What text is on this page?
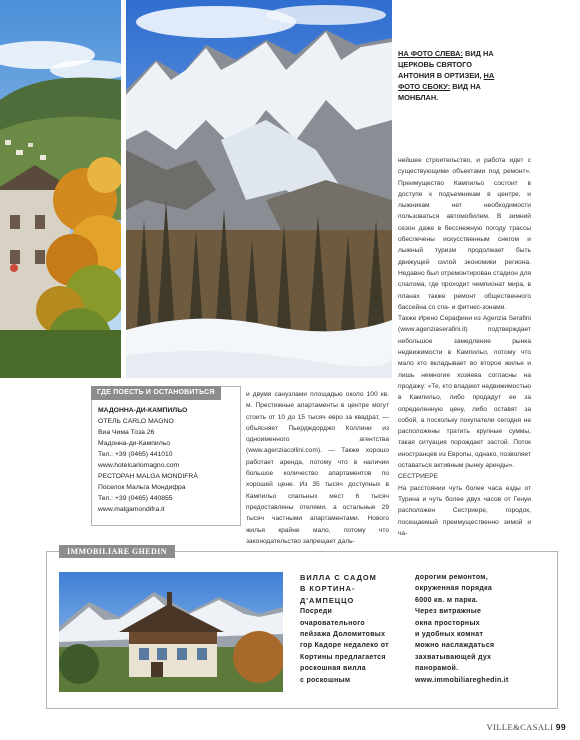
НА ФОТО СЛЕВА: ВИД НА ЦЕРКОВЬ СВЯТОГО АНТОНИЯ В ОРТИЗЕИ, НА ФОТО СБОКУ: ВИД НА МОНБЛАН.
ГДЕ ПОЕСТЬ И ОСТАНОВИТЬСЯ
МАДОННА-ДИ-КАМПИЛЬО
ОТЕЛЬ CARLO MAGNO
Виа Чима Тоза 26
Мадонна-ди-Кампильо
Тел.: +39 (0465) 441010
www.hotelcarlomagno.com
РЕСТОРАН MALGA MONDIFRÀ
Поселок Мальга Мондифра
Тел.: +39 (0465) 440855
www.malgamondifra.it

и двумя санузлами площадью около 100 кв. м. Престижные апартаменты в центре могут стоить от 10 до 15 тысяч евро за квадрат, — объясняет Пьердждорджо Коллини из одноименного агентства (www.agenziacollini.com). — Также хорошо работает аренда, потому что в наличии большое количество апартаментов по хорошей цене. Из 35 тысяч доступных в Кампильо спальных мест 6 тысяч предоставлены отелями, а остальные 29 тысяч частными апартаментами. Нового жилья крайне мало, потому что законодательство запрещает даль-

нейшее строительство, и работа идет с существующими объектами под ремонт». Преимущество Кампильо состоит в доступе к подъемникам в центре, и лыжникам нет необходимости пользоваться автомобилем. В зимний сезон даже в бесснежную погоду трассы обеспечены искусственным снегом и лыжный туризм продолжает быть движущей силой экономики региона. Недавно был отремонтирован стадион для слалома, где проходит чемпионат мира, в планах также ремонт общественного бассейна со спа- и фитнес-зонами.

Также Ирено Серафини из Agenzia Serafini (www.agenziaserafini.it) подтверждает небольшое замедление рынка недвижимости в Кампильо, потому что мало кто вкладывает во второе жилье и лишь немногие хозяева согласны на продажу: «Те, кто владеют недвижимостью в Кампильо, либо продадут ее за определенную цену, либо оставят за собой, а поскольку покупатели сегодня не расположены тратить крупные суммы, такая ситуация порождает застой. Поток иностранцев из Европы, однако, позволяет оставаться активным рынку аренды».

СЕСТРИЕРЕ

На расстоянии чуть более часа езды от Турина и чуть более двух часов от Генуи расположен Сестриере, городок, посещаемый преимущественно зимой и ча-

IMMOBILIARE GHEDIN
ВИЛЛА С САДОМ
В КОРТИНА-
Д'АМПЕЦЦО
Посреди
очаровательного
пейзажа Доломитовых
гор Кадоре недалеко от
Кортины предлагается
роскошная вилла
с роскошным
дорогим ремонтом,
окруженная порядка
6000 кв. м парка.
Через витражные
окна просторных
и удобных комнат
можно наслаждаться
захватывающей дух
панорамой.
www.immobiliareghedin.it
VILLE&CASALI 99
